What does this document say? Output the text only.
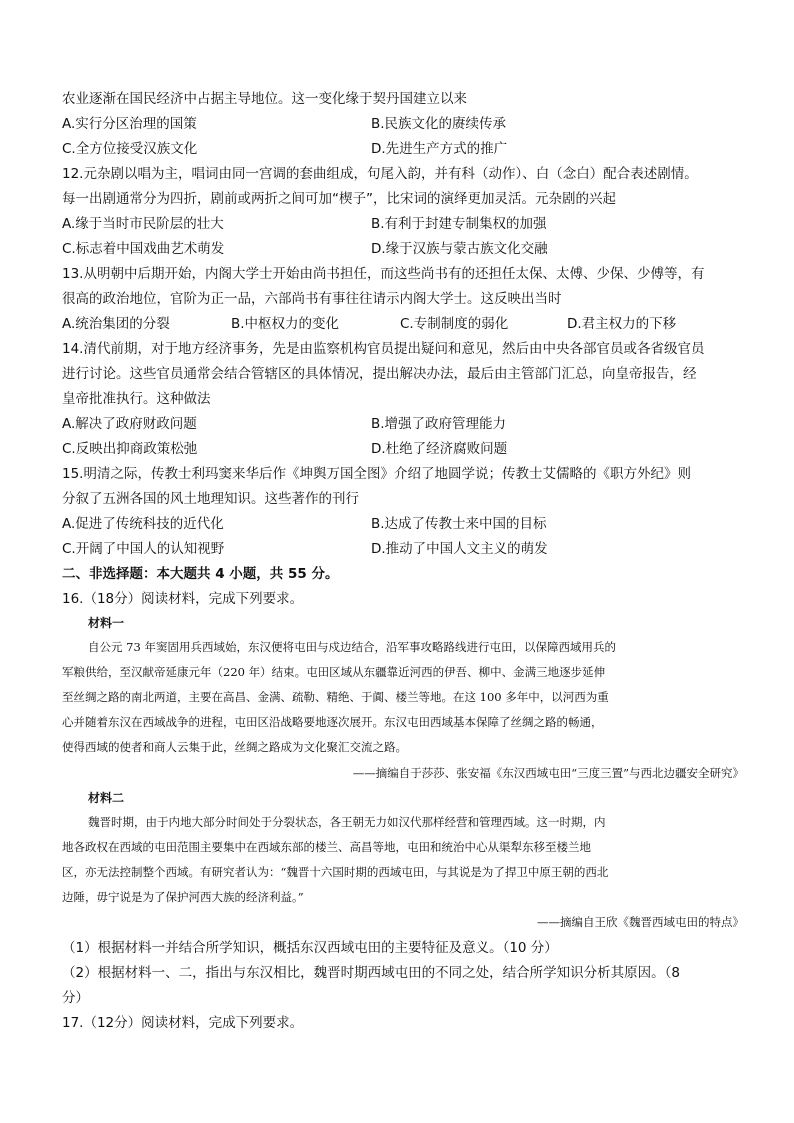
农业逐渐在国民经济中占据主导地位。这一变化缘于契丹国建立以来
A.实行分区治理的国策	B.民族文化的赓续传承
C.全方位接受汉族文化	D.先进生产方式的推广
12.元杂剧以唱为主，唱词由同一宫调的套曲组成，句尾入韵，并有科（动作）、白（念白）配合表述剧情。
每一出剧通常分为四折，剧前或两折之间可加“楔子”，比宋词的演绎更加灵活。元杂剧的兴起
A.缘于当时市民阶层的壮大	B.有利于封建专制集权的加强
C.标志着中国戏曲艺术萌发	D.缘于汉族与蒙古族文化交融
13.从明朝中后期开始，内阁大学士开始由尚书担任，而这些尚书有的还担任太保、太傅、少保、少傅等，有
很高的政治地位，官阶为正一品，六部尚书有事往往请示内阁大学士。这反映出当时
A.统治集团的分裂	B.中枢权力的变化	C.专制制度的弱化	D.君主权力的下移
14.清代前期，对于地方经济事务，先是由监察机构官员提出疑问和意见，然后由中央各部官员或各省级官员
进行讨论。这些官员通常会结合管辖区的具体情况，提出解决办法，最后由主管部门汇总，向皇帝报告，经
皇帝批准执行。这种做法
A.解决了政府财政问题	B.增强了政府管理能力
C.反映出抑商政策松弛	D.杜绝了经济腐败问题
15.明清之际，传教士利玛窦来华后作《坤舆万国全图》介绍了地圆学说；传教士艾儒略的《职方外纪》则
分叙了五洲各国的风土地理知识。这些著作的刊行
A.促进了传统科技的近代化	B.达成了传教士来中国的目标
C.开阔了中国人的认知视野	D.推动了中国人文主义的萌发
二、非选择题：本大题共 4 小题，共 55 分。
16.（18分）阅读材料，完成下列要求。
材料一
自公元 73 年窦固用兵西域始，东汉便将屯田与戍边结合，沿军事攻略路线进行屯田，以保障西域用兵的
军粮供给，至汉献帝延康元年（220 年）结束。屯田区域从东疆靠近河西的伊吾、柳中、金满三地逐步延伸
至丝绸之路的南北两道，主要在高昌、金满、疏勒、精绝、于阗、楼兰等地。在这 100 多年中，以河西为重
心并随着东汉在西域战争的进程，屯田区沿战略要地逐次展开。东汉屯田西域基本保障了丝绸之路的畅通，
使得西域的使者和商人云集于此，丝绸之路成为文化聚汇交流之路。
——摘编自于莎莎、张安福《东汉西域屯田“三度三置”与西北边疆安全研究》
材料二
魏晋时期，由于内地大部分时间处于分裂状态，各王朝无力如汉代那样经营和管理西域。这一时期，内
地各政权在西域的屯田范围主要集中在西域东部的楼兰、高昌等地，屯田和统治中心从渠犁东移至楼兰地
区，亦无法控制整个西域。有研究者认为：“魏晋十六国时期的西域屯田，与其说是为了捍卫中原王朝的西北
边陲，毋宁说是为了保护河西大族的经济利益。”
——摘编自王欣《魏晋西域屯田的特点》
（1）根据材料一并结合所学知识，概括东汉西域屯田的主要特征及意义。（10 分）
（2）根据材料一、二，指出与东汉相比，魏晋时期西域屯田的不同之处，结合所学知识分析其原因。（8
分）
17.（12分）阅读材料，完成下列要求。
